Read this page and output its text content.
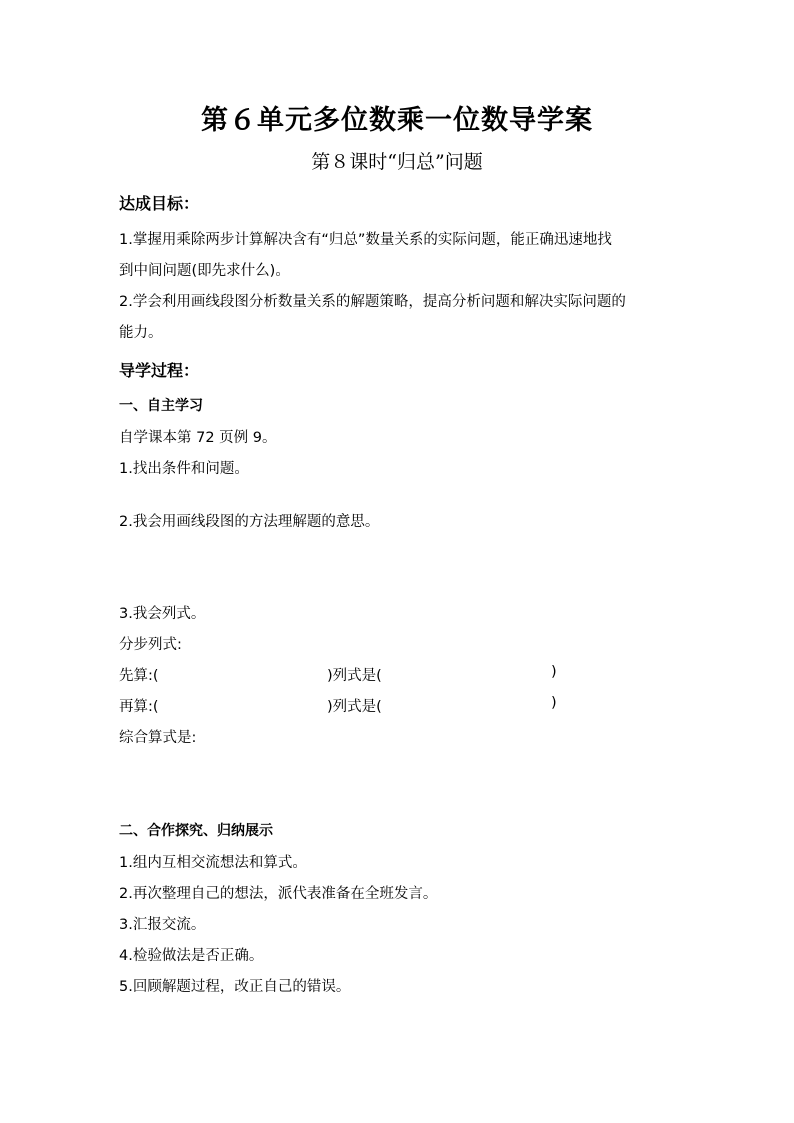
第６单元多位数乘一位数导学案
第８课时“归总”问题
达成目标：
1.掌握用乘除两步计算解决含有“归总”数量关系的实际问题，能正确迅速地找
到中间问题(即先求什么)。
2.学会利用画线段图分析数量关系的解题策略，提高分析问题和解决实际问题的
能力。
导学过程：
一、自主学习
自学课本第 72 页例 9。
1.找出条件和问题。
2.我会用画线段图的方法理解题的意思。
3.我会列式。
分步列式:
先算:(	)列式是(	)
再算:(	)列式是(	)
综合算式是:
二、合作探究、归纳展示
1.组内互相交流想法和算式。
2.再次整理自己的想法，派代表准备在全班发言。
3.汇报交流。
4.检验做法是否正确。
5.回顾解题过程，改正自己的错误。
